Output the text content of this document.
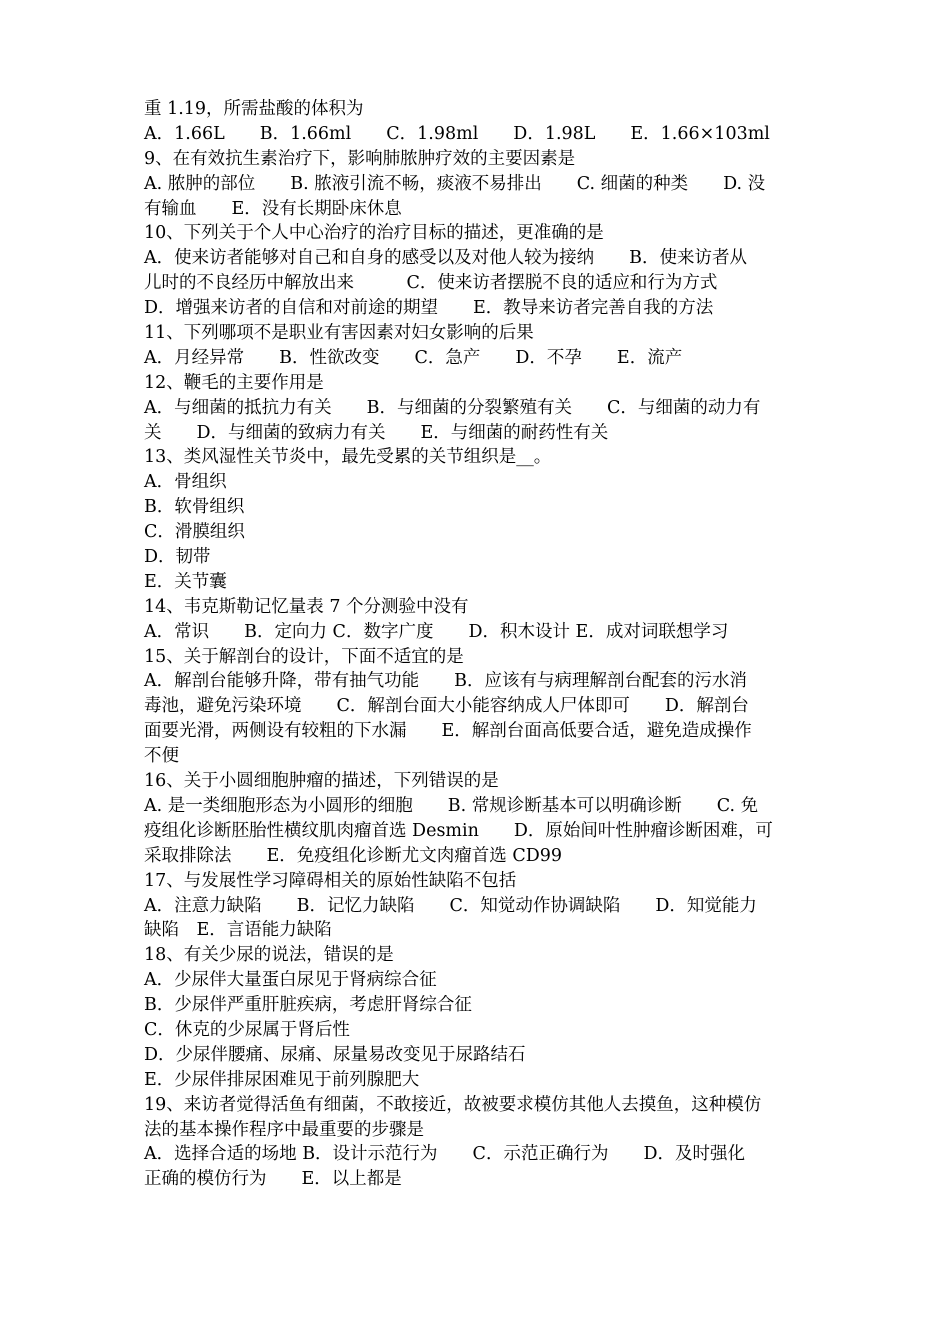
重 1.19，所需盐酸的体积为
A．1.66L　　B．1.66ml　　C．1.98ml　　D．1.98L　　E．1.66×103ml
9、在有效抗生素治疗下，影响肺脓肿疗效的主要因素是
A. 脓肿的部位　　B. 脓液引流不畅，痰液不易排出　　C. 细菌的种类　　D. 没
有输血　　E．没有长期卧床休息
10、下列关于个人中心治疗的治疗目标的描述，更准确的是
A．使来访者能够对自己和自身的感受以及对他人较为接纳　　B．使来访者从
儿时的不良经历中解放出来　　　C．使来访者摆脱不良的适应和行为方式
D．增强来访者的自信和对前途的期望　　E．教导来访者完善自我的方法
11、下列哪项不是职业有害因素对妇女影响的后果
A．月经异常　　B．性欲改变　　C．急产　　D．不孕　　E．流产
12、鞭毛的主要作用是
A．与细菌的抵抗力有关　　B．与细菌的分裂繁殖有关　　C．与细菌的动力有
关　　D．与细菌的致病力有关　　E．与细菌的耐药性有关
13、类风湿性关节炎中，最先受累的关节组织是__。
A．骨组织
B．软骨组织
C．滑膜组织
D．韧带
E．关节囊
14、韦克斯勒记忆量表 7 个分测验中没有
A．常识　　B．定向力 C．数字广度　　D．积木设计 E．成对词联想学习
15、关于解剖台的设计，下面不适宜的是
A．解剖台能够升降，带有抽气功能　　B．应该有与病理解剖台配套的污水消
毒池，避免污染环境　　C．解剖台面大小能容纳成人尸体即可　　D．解剖台
面要光滑，两侧设有较粗的下水漏　　E．解剖台面高低要合适，避免造成操作
不便
16、关于小圆细胞肿瘤的描述，下列错误的是
A. 是一类细胞形态为小圆形的细胞　　B. 常规诊断基本可以明确诊断　　C. 免
疫组化诊断胚胎性横纹肌肉瘤首选 Desmin　　D．原始间叶性肿瘤诊断困难，可
采取排除法　　E．免疫组化诊断尤文肉瘤首选 CD99
17、与发展性学习障碍相关的原始性缺陷不包括
A．注意力缺陷　　B．记忆力缺陷　　C．知觉动作协调缺陷　　D．知觉能力
缺陷　E．言语能力缺陷
18、有关少尿的说法，错误的是
A．少尿伴大量蛋白尿见于肾病综合征
B．少尿伴严重肝脏疾病，考虑肝肾综合征
C．休克的少尿属于肾后性
D．少尿伴腰痛、尿痛、尿量易改变见于尿路结石
E．少尿伴排尿困难见于前列腺肥大
19、来访者觉得活鱼有细菌，不敢接近，故被要求模仿其他人去摸鱼，这种模仿
法的基本操作程序中最重要的步骤是
A．选择合适的场地 B．设计示范行为　　C．示范正确行为　　D．及时强化
正确的模仿行为　　E．以上都是
